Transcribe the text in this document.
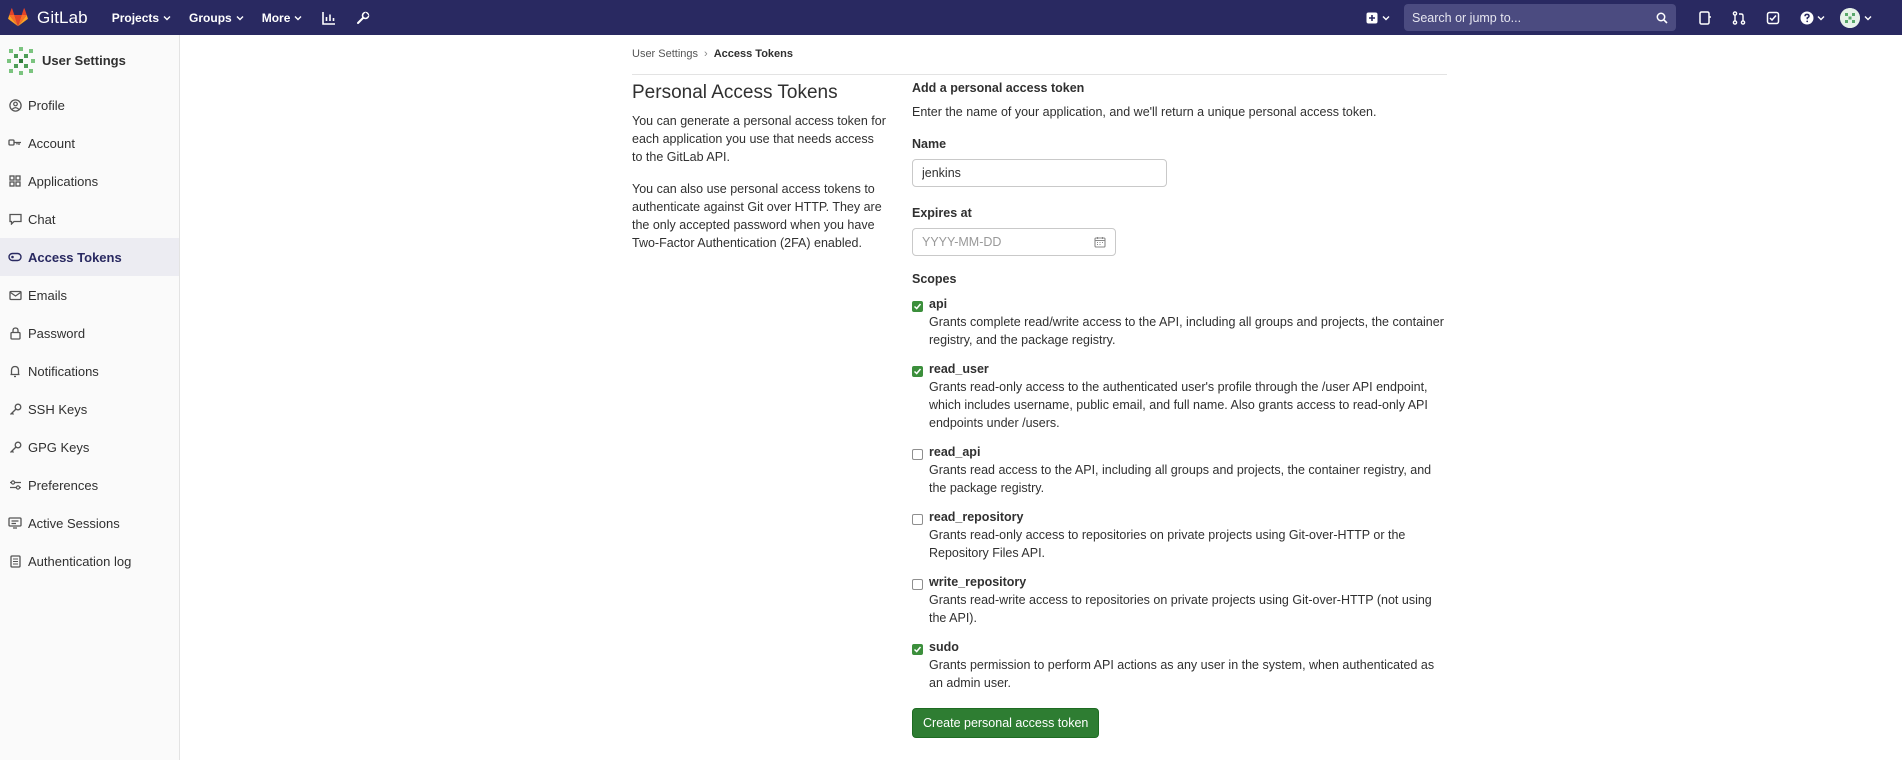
GitLab Projects	Groups	More
Search or jump to...
User Settings
Profile
Account
Applications
Chat
Access Tokens
Emails
Password
Notifications
SSH Keys
GPG Keys
Preferences
Active Sessions
Authentication log
User Settings › Access Tokens
Personal Access Tokens

You can generate a personal access token for each application you use that needs access to the GitLab API.

You can also use personal access tokens to authenticate against Git over HTTP. They are the only accepted password when you have Two-Factor Authentication (2FA) enabled.

Add a personal access token
Enter the name of your application, and we'll return a unique personal access token.
Name
jenkins
Expires at
YYYY-MM-DD
Scopes
api
Grants complete read/write access to the API, including all groups and projects, the container registry, and the package registry.
read_user
Grants read-only access to the authenticated user's profile through the /user API endpoint, which includes username, public email, and full name. Also grants access to read-only API endpoints under /users.
read_api
Grants read access to the API, including all groups and projects, the container registry, and the package registry.
read_repository
Grants read-only access to repositories on private projects using Git-over-HTTP or the Repository Files API.
write_repository
Grants read-write access to repositories on private projects using Git-over-HTTP (not using the API).
sudo
Grants permission to perform API actions as any user in the system, when authenticated as an admin user.
Create personal access token
